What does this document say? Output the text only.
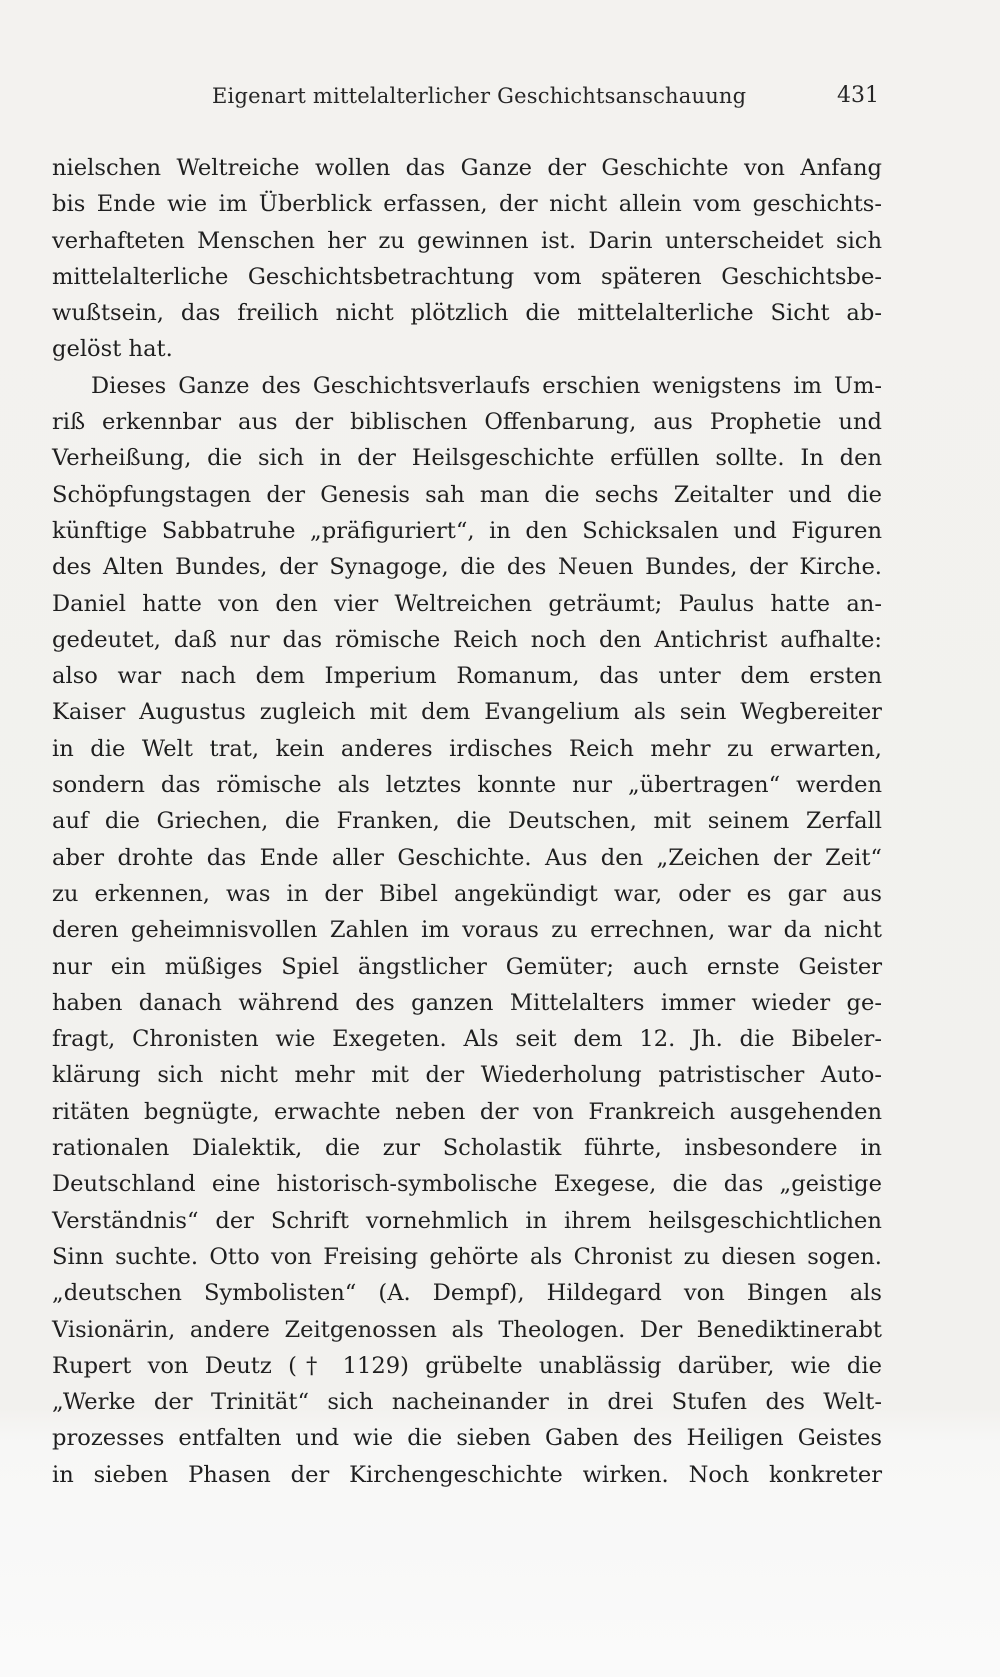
Eigenart mittelalterlicher Geschichtsanschauung	431
nielschen Weltreiche wollen das Ganze der Geschichte von Anfang
bis Ende wie im Überblick erfassen, der nicht allein vom geschichts-
verhafteten Menschen her zu gewinnen ist. Darin unterscheidet sich
mittelalterliche Geschichtsbetrachtung vom späteren Geschichtsbe-
wußtsein, das freilich nicht plötzlich die mittelalterliche Sicht ab-
gelöst hat.
Dieses Ganze des Geschichtsverlaufs erschien wenigstens im Um-
riß erkennbar aus der biblischen Offenbarung, aus Prophetie und
Verheißung, die sich in der Heilsgeschichte erfüllen sollte. In den
Schöpfungstagen der Genesis sah man die sechs Zeitalter und die
künftige Sabbatruhe „präfiguriert“, in den Schicksalen und Figuren
des Alten Bundes, der Synagoge, die des Neuen Bundes, der Kirche.
Daniel hatte von den vier Weltreichen geträumt; Paulus hatte an-
gedeutet, daß nur das römische Reich noch den Antichrist aufhalte:
also war nach dem Imperium Romanum, das unter dem ersten
Kaiser Augustus zugleich mit dem Evangelium als sein Wegbereiter
in die Welt trat, kein anderes irdisches Reich mehr zu erwarten,
sondern das römische als letztes konnte nur „übertragen“ werden
auf die Griechen, die Franken, die Deutschen, mit seinem Zerfall
aber drohte das Ende aller Geschichte. Aus den „Zeichen der Zeit“
zu erkennen, was in der Bibel angekündigt war, oder es gar aus
deren geheimnisvollen Zahlen im voraus zu errechnen, war da nicht
nur ein müßiges Spiel ängstlicher Gemüter; auch ernste Geister
haben danach während des ganzen Mittelalters immer wieder ge-
fragt, Chronisten wie Exegeten. Als seit dem 12. Jh. die Bibeler-
klärung sich nicht mehr mit der Wiederholung patristischer Auto-
ritäten begnügte, erwachte neben der von Frankreich ausgehenden
rationalen Dialektik, die zur Scholastik führte, insbesondere in
Deutschland eine historisch-symbolische Exegese, die das „geistige
Verständnis“ der Schrift vornehmlich in ihrem heilsgeschichtlichen
Sinn suchte. Otto von Freising gehörte als Chronist zu diesen sogen.
„deutschen Symbolisten“ (A. Dempf), Hildegard von Bingen als
Visionärin, andere Zeitgenossen als Theologen. Der Benediktinerabt
Rupert von Deutz († 1129) grübelte unablässig darüber, wie die
„Werke der Trinität“ sich nacheinander in drei Stufen des Welt-
prozesses entfalten und wie die sieben Gaben des Heiligen Geistes
in sieben Phasen der Kirchengeschichte wirken. Noch konkreter
